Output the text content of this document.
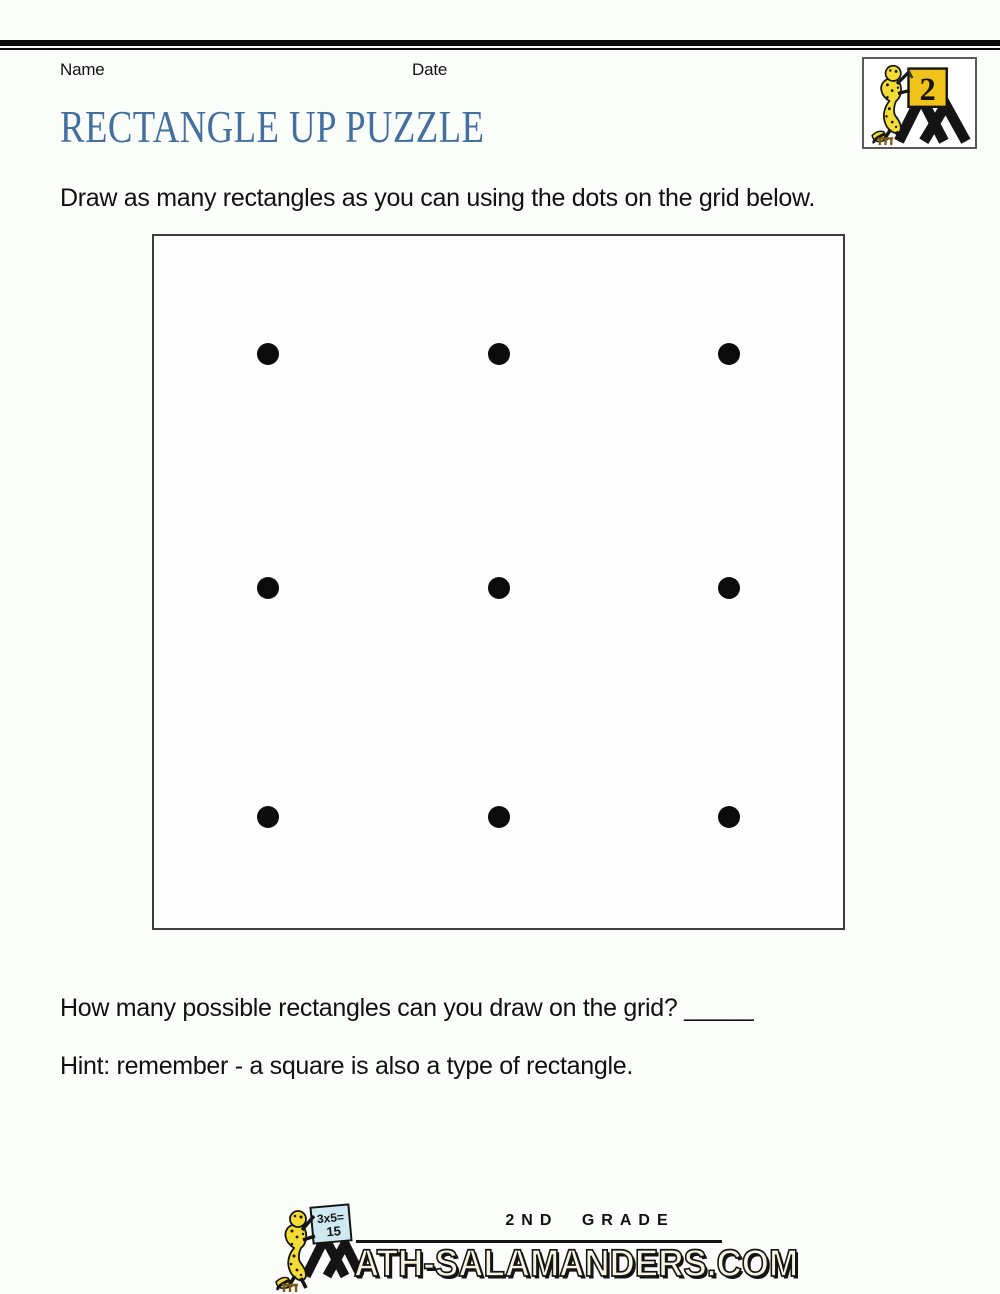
Name	Date
2
RECTANGLE UP PUZZLE

Draw as many rectangles as you can using the dots on the grid below.

How many possible rectangles can you draw on the grid? _____

Hint: remember - a square is also a type of rectangle.

3x5=
15
2ND GRADE
ATH-SALAMANDERS.COM
